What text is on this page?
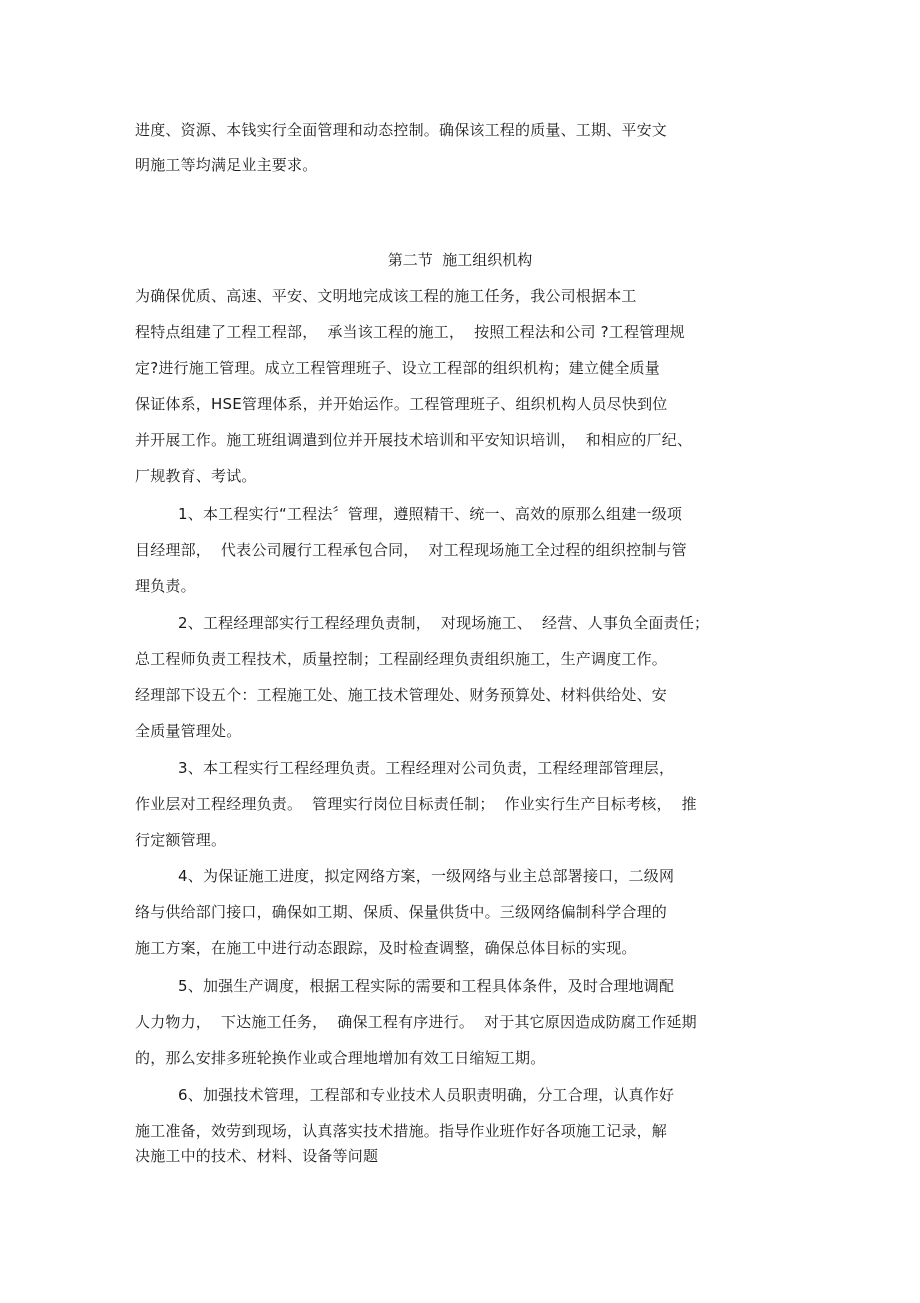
进度、资源、本钱实行全面管理和动态控制。确保该工程的质量、工期、平安文
明施工等均满足业主要求。
第二节  施工组织机构
为确保优质、高速、平安、文明地完成该工程的施工任务，我公司根据本工
程特点组建了工程工程部，  承当该工程的施工，  按照工程法和公司 ?工程管理规
定?进行施工管理。成立工程管理班子、设立工程部的组织机构；建立健全质量
保证体系，HSE管理体系，并开始运作。工程管理班子、组织机构人员尽快到位
并开展工作。施工班组调遣到位并开展技术培训和平安知识培训，  和相应的厂纪、
厂规教育、考试。
1、本工程实行“工程法〞管理，遵照精干、统一、高效的原那么组建一级项
目经理部，  代表公司履行工程承包合同，  对工程现场施工全过程的组织控制与管
理负责。
2、工程经理部实行工程经理负责制，  对现场施工、  经营、人事负全面责任；
总工程师负责工程技术，质量控制；工程副经理负责组织施工，生产调度工作。
经理部下设五个：工程施工处、施工技术管理处、财务预算处、材料供给处、安
全质量管理处。
3、本工程实行工程经理负责。工程经理对公司负责，工程经理部管理层，
作业层对工程经理负责。  管理实行岗位目标责任制；  作业实行生产目标考核，  推
行定额管理。
4、为保证施工进度，拟定网络方案，一级网络与业主总部署接口，二级网
络与供给部门接口，确保如工期、保质、保量供货中。三级网络偏制科学合理的
施工方案，在施工中进行动态跟踪，及时检查调整，确保总体目标的实现。
5、加强生产调度，根据工程实际的需要和工程具体条件，及时合理地调配
人力物力，  下达施工任务，  确保工程有序进行。  对于其它原因造成防腐工作延期
的，那么安排多班轮换作业或合理地增加有效工日缩短工期。
6、加强技术管理，工程部和专业技术人员职责明确，分工合理，认真作好
施工准备，效劳到现场，认真落实技术措施。指导作业班作好各项施工记录，解
决施工中的技术、材料、设备等问题
